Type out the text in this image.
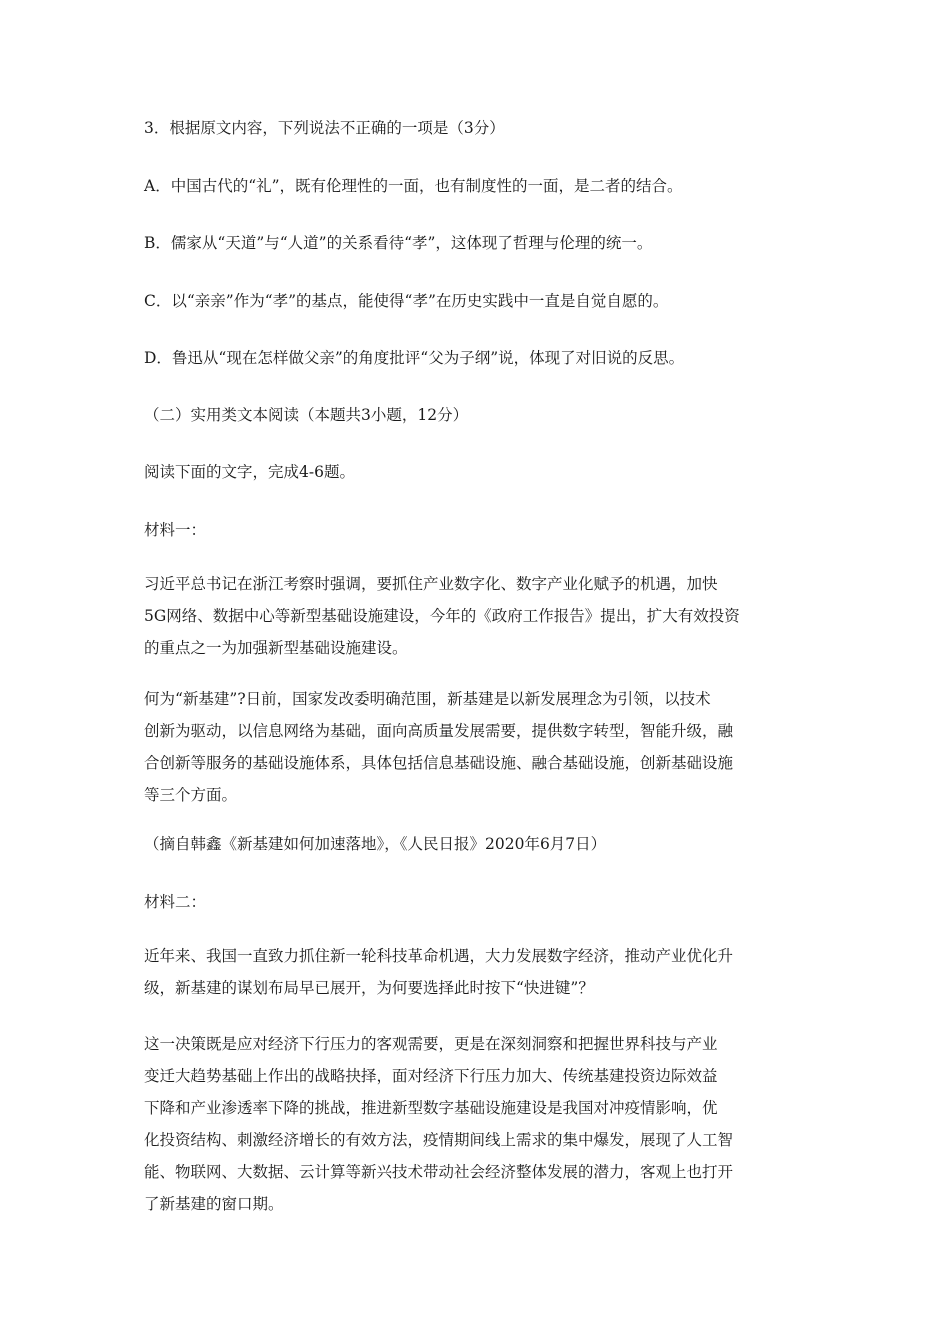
3．根据原文内容，下列说法不正确的一项是（3分）
A．中国古代的“礼”，既有伦理性的一面，也有制度性的一面，是二者的结合。
B．儒家从“天道”与“人道”的关系看待“孝”，这体现了哲理与伦理的统一。
C．以“亲亲”作为“孝”的基点，能使得“孝”在历史实践中一直是自觉自愿的。
D．鲁迅从“现在怎样做父亲”的角度批评“父为子纲”说，体现了对旧说的反思。
（二）实用类文本阅读（本题共3小题，12分）
阅读下面的文字，完成4-6题。
材料一：
习近平总书记在浙江考察时强调，要抓住产业数字化、数字产业化赋予的机遇，加快
5G网络、数据中心等新型基础设施建设，今年的《政府工作报告》提出，扩大有效投资
的重点之一为加强新型基础设施建设。
何为“新基建”?日前，国家发改委明确范围，新基建是以新发展理念为引领，以技术
创新为驱动，以信息网络为基础，面向高质量发展需要，提供数字转型，智能升级，融
合创新等服务的基础设施体系，具体包括信息基础设施、融合基础设施，创新基础设施
等三个方面。
（摘自韩鑫《新基建如何加速落地》，《人民日报》2020年6月7日）
材料二：
近年来、我国一直致力抓住新一轮科技革命机遇，大力发展数字经济，推动产业优化升
级，新基建的谋划布局早已展开，为何要选择此时按下“快进键”？
这一决策既是应对经济下行压力的客观需要，更是在深刻洞察和把握世界科技与产业
变迁大趋势基础上作出的战略抉择，面对经济下行压力加大、传统基建投资边际效益
下降和产业渗透率下降的挑战，推进新型数字基础设施建设是我国对冲疫情影响，优
化投资结构、刺激经济增长的有效方法，疫情期间线上需求的集中爆发，展现了人工智
能、物联网、大数据、云计算等新兴技术带动社会经济整体发展的潜力，客观上也打开
了新基建的窗口期。
